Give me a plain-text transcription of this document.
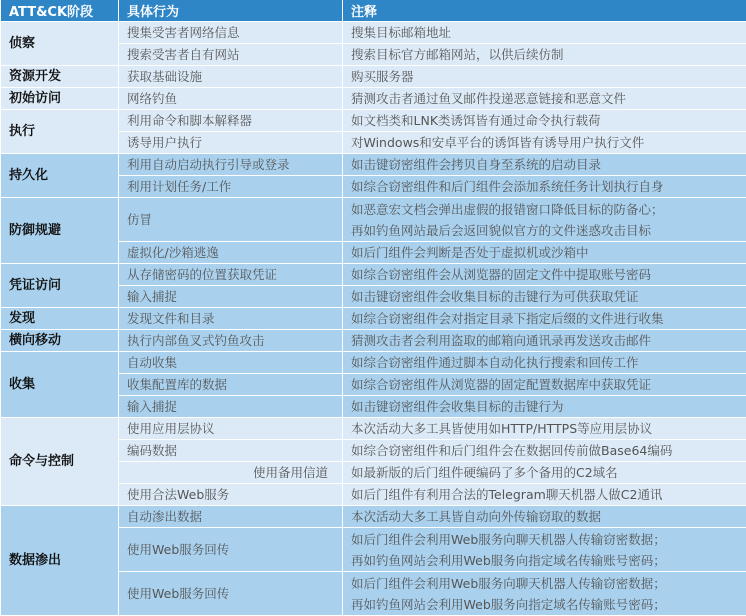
ATT&CK阶段	具体行为	注释
侦察	搜集受害者网络信息	搜集目标邮箱地址
	搜索受害者自有网站	搜索目标官方邮箱网站，以供后续仿制
资源开发	获取基础设施	购买服务器
初始访问	网络钓鱼	猜测攻击者通过鱼叉邮件投递恶意链接和恶意文件
执行	利用命令和脚本解释器	如文档类和LNK类诱饵皆有通过命令执行载荷
	诱导用户执行	对Windows和安卓平台的诱饵皆有诱导用户执行文件
持久化	利用自动启动执行引导或登录	如击键窃密组件会拷贝自身至系统的启动目录
	利用计划任务/工作	如综合窃密组件和后门组件会添加系统任务计划执行自身
防御规避	仿冒	如恶意宏文档会弹出虚假的报错窗口降低目标的防备心；
再如钓鱼网站最后会返回貌似官方的文件迷惑攻击目标

	虚拟化/沙箱逃逸	如后门组件会判断是否处于虚拟机或沙箱中
凭证访问	从存储密码的位置获取凭证	如综合窃密组件会从浏览器的固定文件中提取账号密码
	输入捕捉	如击键窃密组件会收集目标的击键行为可供获取凭证
发现	发现文件和目录	如综合窃密组件会对指定目录下指定后缀的文件进行收集
横向移动	执行内部鱼叉式钓鱼攻击	猜测攻击者会利用盗取的邮箱向通讯录再发送攻击邮件
收集	自动收集	如综合窃密组件通过脚本自动化执行搜索和回传工作
	收集配置库的数据	如综合窃密组件从浏览器的固定配置数据库中获取凭证
	输入捕捉	如击键窃密组件会收集目标的击键行为
命令与控制	使用应用层协议	本次活动大多工具皆使用如HTTP/HTTPS等应用层协议
	编码数据	如综合窃密组件和后门组件会在数据回传前做Base64编码
	使用备用信道	如最新版的后门组件硬编码了多个备用的C2域名
	使用合法Web服务	如后门组件有利用合法的Telegram聊天机器人做C2通讯
数据渗出	自动渗出数据	本次活动大多工具皆自动向外传输窃取的数据
	使用Web服务回传	如后门组件会利用Web服务向聊天机器人传输窃密数据；
再如钓鱼网站会利用Web服务向指定域名传输账号密码；

	使用Web服务回传	如后门组件会利用Web服务向聊天机器人传输窃密数据；
再如钓鱼网站会利用Web服务向指定域名传输账号密码；
